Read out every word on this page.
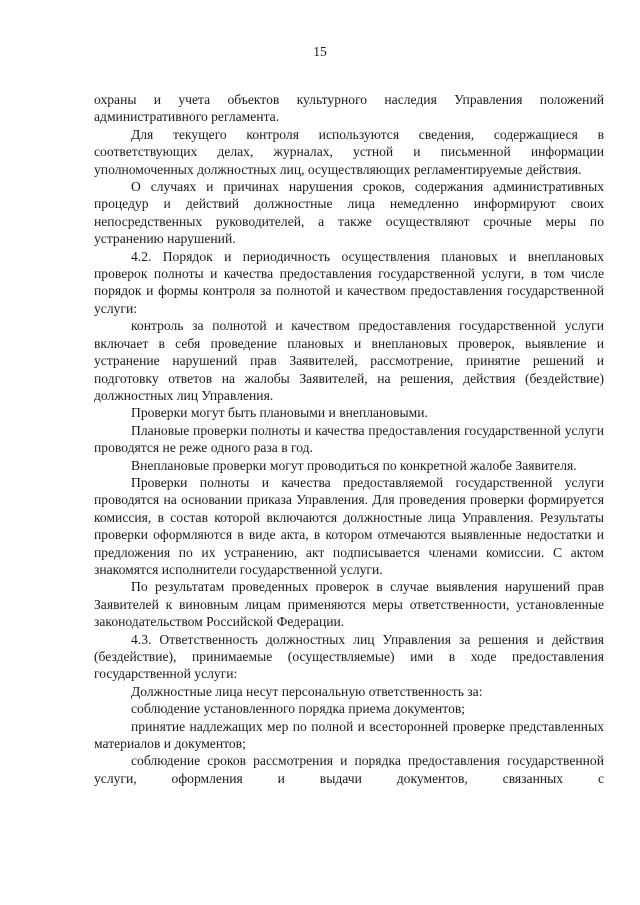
15

охраны и учета объектов культурного наследия Управления положений административного регламента.

Для текущего контроля используются сведения, содержащиеся в соответствующих делах, журналах, устной и письменной информации уполномоченных должностных лиц, осуществляющих регламентируемые действия.

О случаях и причинах нарушения сроков, содержания административных процедур и действий должностные лица немедленно информируют своих непосредственных руководителей, а также осуществляют срочные меры по устранению нарушений.

4.2. Порядок и периодичность осуществления плановых и внеплановых проверок полноты и качества предоставления государственной услуги, в том числе порядок и формы контроля за полнотой и качеством предоставления государственной услуги:

контроль за полнотой и качеством предоставления государственной услуги включает в себя проведение плановых и внеплановых проверок, выявление и устранение нарушений прав Заявителей, рассмотрение, принятие решений и подготовку ответов на жалобы Заявителей, на решения, действия (бездействие) должностных лиц Управления.

Проверки могут быть плановыми и внеплановыми.

Плановые проверки полноты и качества предоставления государственной услуги проводятся не реже одного раза в год.

Внеплановые проверки могут проводиться по конкретной жалобе Заявителя.

Проверки полноты и качества предоставляемой государственной услуги проводятся на основании приказа Управления. Для проведения проверки формируется комиссия, в состав которой включаются должностные лица Управления. Результаты проверки оформляются в виде акта, в котором отмечаются выявленные недостатки и предложения по их устранению, акт подписывается членами комиссии. С актом знакомятся исполнители государственной услуги.

По результатам проведенных проверок в случае выявления нарушений прав Заявителей к виновным лицам применяются меры ответственности, установленные законодательством Российской Федерации.

4.3. Ответственность должностных лиц Управления за решения и действия (бездействие), принимаемые (осуществляемые) ими в ходе предоставления государственной услуги:

Должностные лица несут персональную ответственность за:

соблюдение установленного порядка приема документов;

принятие надлежащих мер по полной и всесторонней проверке представленных материалов и документов;

соблюдение сроков рассмотрения и порядка предоставления государственной услуги, оформления и выдачи документов, связанных с
